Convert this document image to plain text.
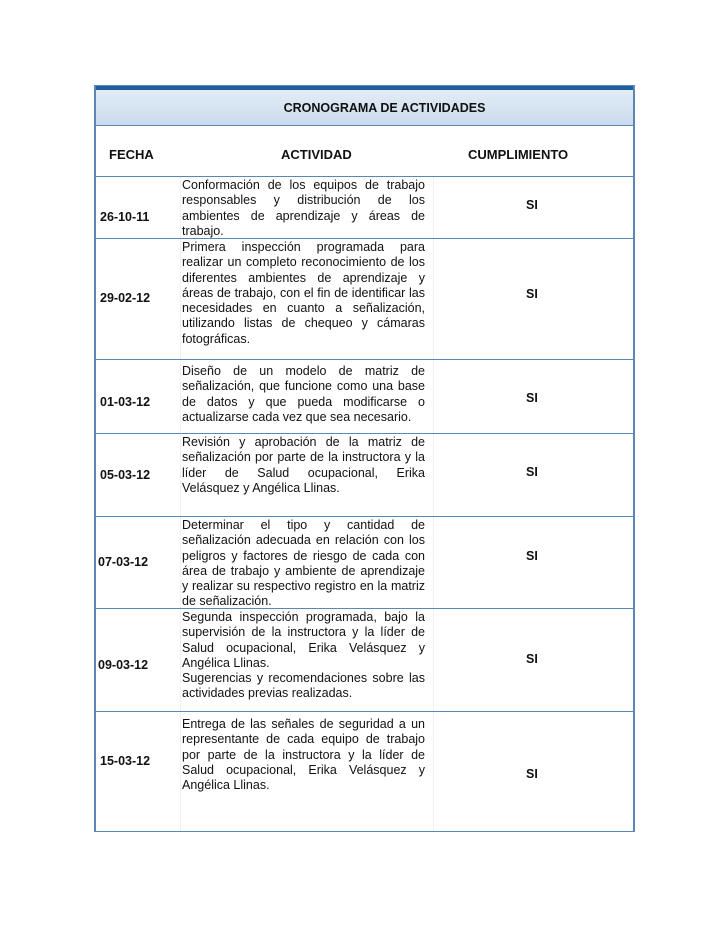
CRONOGRAMA DE ACTIVIDADES
FECHA	ACTIVIDAD	CUMPLIMIENTO
26-10-11
Conformación de los equipos de trabajo responsables y distribución de los ambientes de aprendizaje y áreas de trabajo.
SI
29-02-12
Primera inspección programada para realizar un completo reconocimiento de los diferentes ambientes de aprendizaje y áreas de trabajo, con el fin de identificar las necesidades en cuanto a señalización, utilizando listas de chequeo y cámaras fotográficas.
SI
01-03-12
Diseño de un modelo de matriz de señalización, que funcione como una base de datos y que pueda modificarse o actualizarse cada vez que sea necesario.
SI
05-03-12
Revisión y aprobación de la matriz de señalización por parte de la instructora y la líder de Salud ocupacional, Erika Velásquez y Angélica Llinas.
SI
07-03-12
Determinar el tipo y cantidad de señalización adecuada en relación con los peligros y factores de riesgo de cada con área de trabajo y ambiente de aprendizaje y realizar su respectivo registro en la matriz de señalización.
SI
09-03-12
Segunda inspección programada, bajo la supervisión de la instructora y la líder de Salud ocupacional, Erika Velásquez y Angélica Llinas.
Sugerencias y recomendaciones sobre las actividades previas realizadas.
SI
15-03-12
Entrega de las señales de seguridad a un representante de cada equipo de trabajo por parte de la instructora y la líder de Salud ocupacional, Erika Velásquez y Angélica Llinas.
SI
